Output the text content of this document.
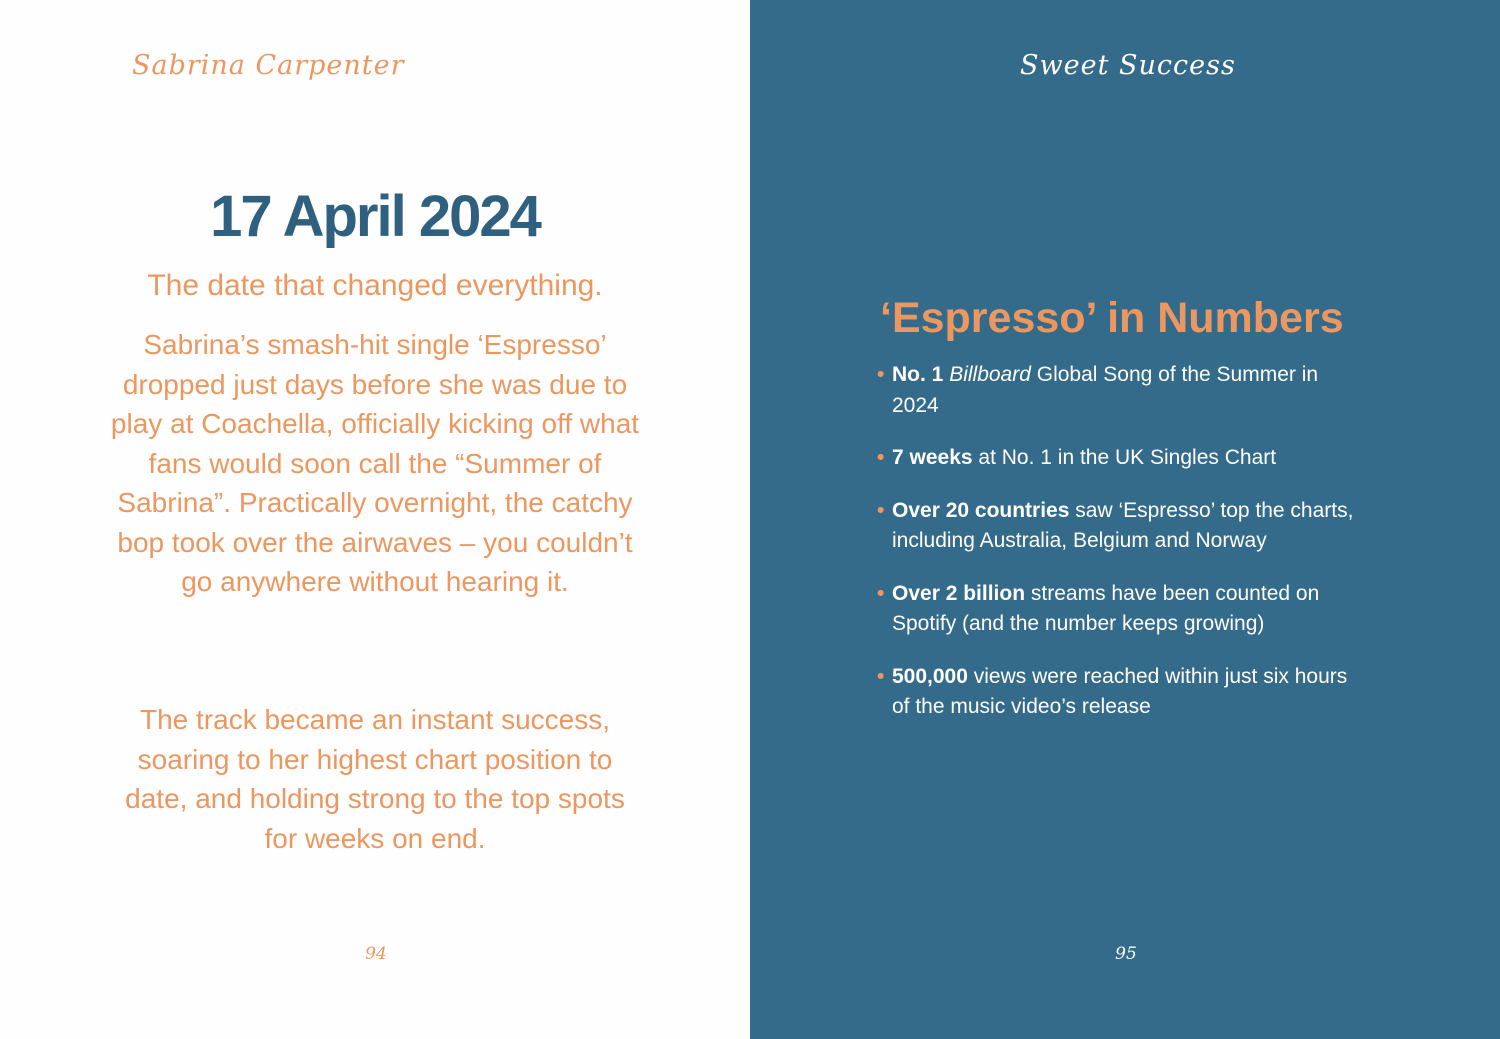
Sabrina Carpenter
17 April 2024

The date that changed everything.

Sabrina’s smash-hit single ‘Espresso’ dropped just days before she was due to play at Coachella, officially kicking off what fans would soon call the “Summer of Sabrina”. Practically overnight, the catchy bop took over the airwaves – you couldn’t go anywhere without hearing it.

The track became an instant success, soaring to her highest chart position to date, and holding strong to the top spots for weeks on end.

94
Sweet Success
‘Espresso’ in Numbers
• No. 1 Billboard Global Song of the Summer in 2024
• 7 weeks at No. 1 in the UK Singles Chart
• Over 20 countries saw ‘Espresso’ top the charts, including Australia, Belgium and Norway
• Over 2 billion streams have been counted on Spotify (and the number keeps growing)
• 500,000 views were reached within just six hours of the music video’s release
95
